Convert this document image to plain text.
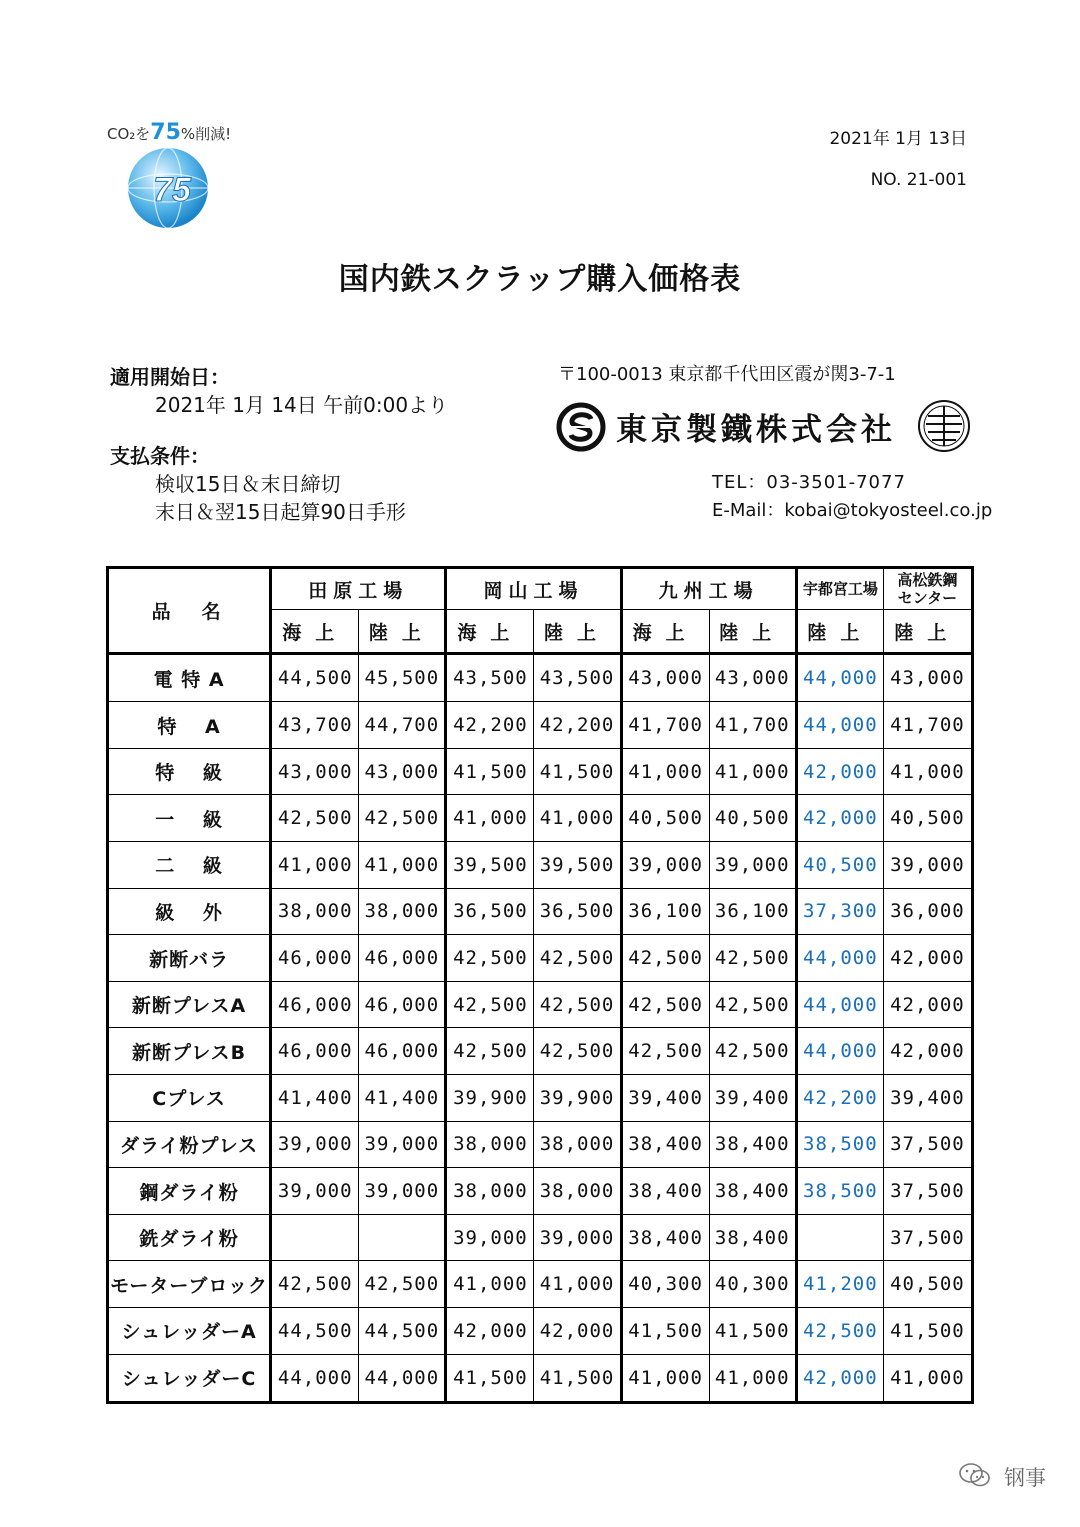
CO₂を75%削減!
75
2021年 1月 13日
NO. 21-001
国内鉄スクラップ購入価格表
適用開始日：
2021年 1月 14日 午前0:00より
支払条件：
検収15日＆末日締切
末日＆翌15日起算90日手形
〒100-0013 東京都千代田区霞が関3-7-1
東京製鐵株式会社
TEL：03-3501-7077
E-Mail：kobai@tokyosteel.co.jp
品　名	田原工場		岡山工場		九州工場		宇都宮工場	高松鉄鋼
センター
	海上	陸上	海上	陸上	海上	陸上	陸上	陸上
電 特 A	44,500	45,500	43,500	43,500	43,000	43,000	44,000	43,000
特　 A	43,700	44,700	42,200	42,200	41,700	41,700	44,000	41,700
特　 級	43,000	43,000	41,500	41,500	41,000	41,000	42,000	41,000
一　 級	42,500	42,500	41,000	41,000	40,500	40,500	42,000	40,500
二　 級	41,000	41,000	39,500	39,500	39,000	39,000	40,500	39,000
級　 外	38,000	38,000	36,500	36,500	36,100	36,100	37,300	36,000
新断バラ	46,000	46,000	42,500	42,500	42,500	42,500	44,000	42,000
新断プレスA	46,000	46,000	42,500	42,500	42,500	42,500	44,000	42,000
新断プレスB	46,000	46,000	42,500	42,500	42,500	42,500	44,000	42,000
Cプレス	41,400	41,400	39,900	39,900	39,400	39,400	42,200	39,400
ダライ粉プレス	39,000	39,000	38,000	38,000	38,400	38,400	38,500	37,500
鋼ダライ粉	39,000	39,000	38,000	38,000	38,400	38,400	38,500	37,500
銑ダライ粉			39,000	39,000	38,400	38,400		37,500
モーターブロック	42,500	42,500	41,000	41,000	40,300	40,300	41,200	40,500
シュレッダーA	44,500	44,500	42,000	42,000	41,500	41,500	42,500	41,500
シュレッダーC	44,000	44,000	41,500	41,500	41,000	41,000	42,000	41,000
钢事
